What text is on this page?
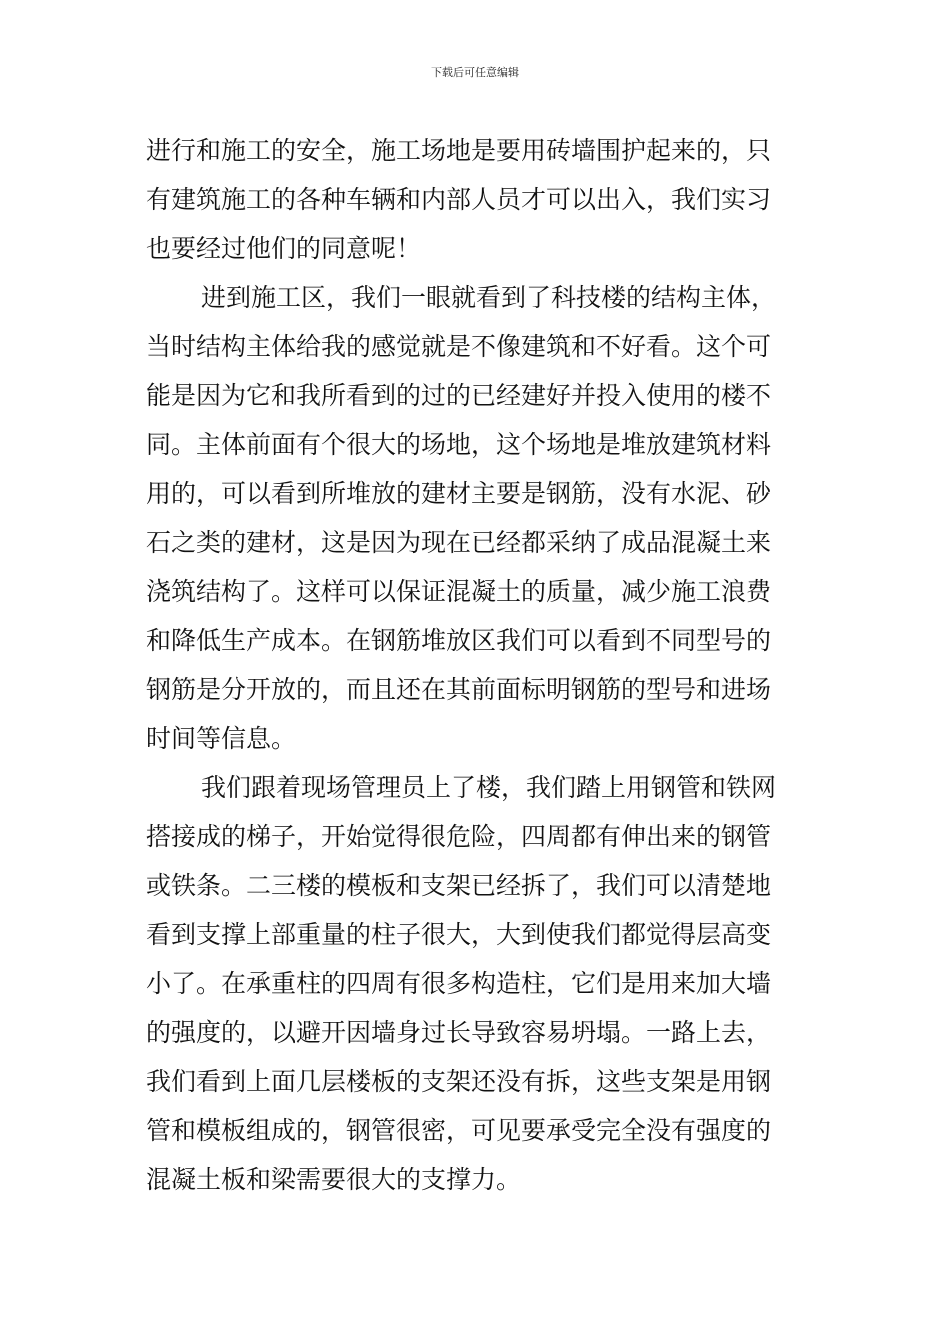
下载后可任意编辑
进行和施工的安全，施工场地是要用砖墙围护起来的，只
有建筑施工的各种车辆和内部人员才可以出入，我们实习
也要经过他们的同意呢！
进到施工区，我们一眼就看到了科技楼的结构主体，
当时结构主体给我的感觉就是不像建筑和不好看。这个可
能是因为它和我所看到的过的已经建好并投入使用的楼不
同。主体前面有个很大的场地，这个场地是堆放建筑材料
用的，可以看到所堆放的建材主要是钢筋，没有水泥、砂
石之类的建材，这是因为现在已经都采纳了成品混凝土来
浇筑结构了。这样可以保证混凝土的质量，减少施工浪费
和降低生产成本。在钢筋堆放区我们可以看到不同型号的
钢筋是分开放的，而且还在其前面标明钢筋的型号和进场
时间等信息。
我们跟着现场管理员上了楼，我们踏上用钢管和铁网
搭接成的梯子，开始觉得很危险，四周都有伸出来的钢管
或铁条。二三楼的模板和支架已经拆了，我们可以清楚地
看到支撑上部重量的柱子很大，大到使我们都觉得层高变
小了。在承重柱的四周有很多构造柱，它们是用来加大墙
的强度的，以避开因墙身过长导致容易坍塌。一路上去，
我们看到上面几层楼板的支架还没有拆，这些支架是用钢
管和模板组成的，钢管很密，可见要承受完全没有强度的
混凝土板和梁需要很大的支撑力。
